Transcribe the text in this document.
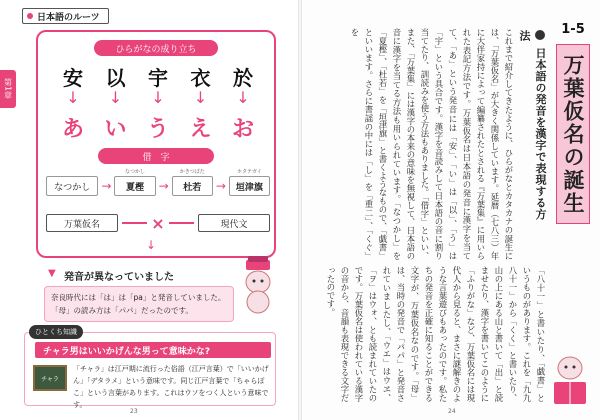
第1章
日本語のルーツ
ひらがなの成り立ち
安 以 宇 衣 於
↓	↓	↓	↓	↓
あ い う え お
借　字
なつかし →
なつかし
夏樫 →
かきつばた
杜若 →
ホタテガイ
垣津旗
万葉仮名	×	現代文
↓
▼ 発音が異なっていました
奈良時代には「は」は「pa」と発音していました。「母」の読み方は「パパ」だったのです。
ひとくち知識
チャラ男はいいかげんな男って意味かな?
チャラ
「チャラ」は江戸期に流行った俗語（江戸言葉）で「いいかげん」「デタラメ」という意味です。同じ江戸言葉で「ちゃらぽこ」という言葉があります。これはウソをつく人という意味です。
23
1-5
万葉仮名の誕生
日本語の発音を漢字で表現する方法
これまで紹介してきたように、ひらがなとカタカナの誕生には、「万葉仮名」が大きく関係しています。延暦（七八三）年に大伴家持によって編纂されたとされる『万葉集』に用いられた表記方法です。万葉仮名は日本語の発音に漢字を当てて、「あ」という発音には「安」、「い」は「以」、「う」は「宇」という具合です。漢字を音読みして日本語の音に割り当てたり、訓読みを使う方法もありました。「借字」といい、また、「万葉集」には漢字の本来の意味を無視して、日本語の音に漢字を当てる方法も用いられています。「なつかし」を「夏樫」、「杜若」を「垣津旗」と書くようなもので、「戯書」といいます。さらに書謡の中には「し」を「重二」、「くぐ」を
「八十一」と書いたり、「戯書」というものがあります。これを「九九八十一」から「くく」と書いたり、山の上にある山と書いて「出」と読ませたり、漢字を書いてこのように「ふりがな」など、万葉仮名には現代人から見ると、まさに謎解きのような言葉遊びもあったのです。私たちの発音を正確に知ることができる文字が、万葉仮名なのです。「母」は、当時の発音で「パパ」と発音されていましたし、「ウエ」はウヱ、「ヲ」はウォ、とも読まれていたのです。万葉仮名は使われている漢字の音から、音韻も表現できる文字だったのです。
24
